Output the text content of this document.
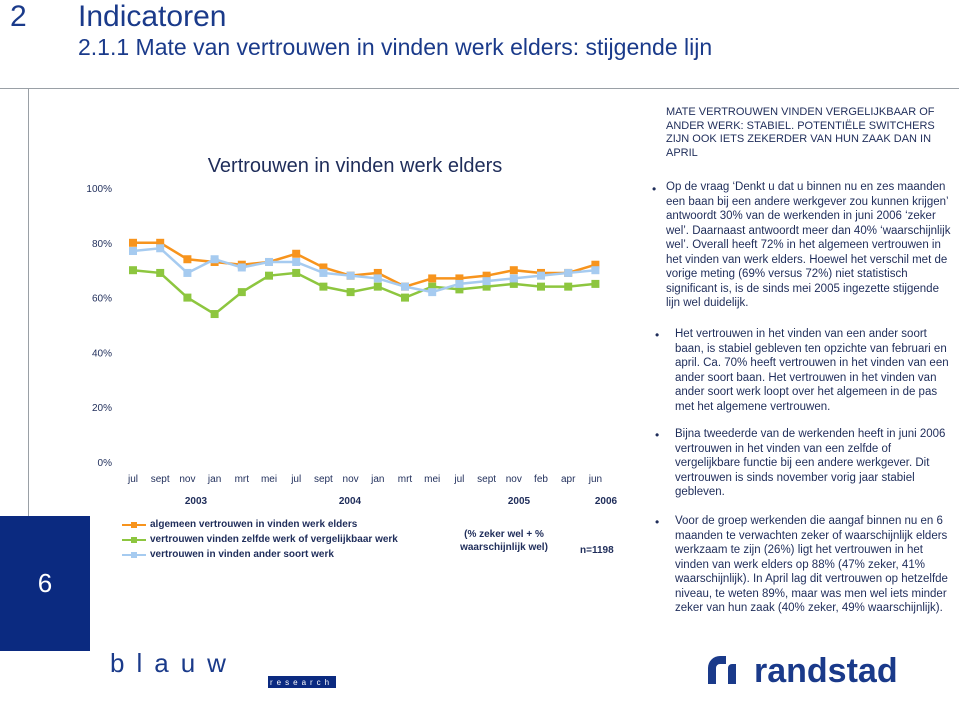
2 Indicatoren
2.1.1 Mate van vertrouwen in vinden werk elders: stijgende lijn
6
Vertrouwen in vinden werk elders
0%
20%
40%
60%
80%
100%
jul sept nov jan mrt mei jul sept nov jan mrt mei jul sept nov feb apr jun
2003	2004	2005	2006
(% zeker wel + % waarschijnlijk wel)	n=1198
MATE VERTROUWEN VINDEN VERGELIJKBAAR OF ANDER WERK: STABIEL. POTENTIËLE SWITCHERS ZIJN OOK IETS ZEKERDER VAN HUN ZAAK DAN IN APRIL
• Op de vraag ‘Denkt u dat u binnen nu en zes maanden een baan bij een andere werkgever zou kunnen krijgen’ antwoordt 30% van de werkenden in juni 2006 ‘zeker wel’. Daarnaast antwoordt meer dan 40% ‘waarschijnlijk wel’. Overall heeft 72% in het algemeen vertrouwen in het vinden van werk elders. Hoewel het verschil met de vorige meting (69% versus 72%) niet statistisch significant is, is de sinds mei 2005 ingezette stijgende lijn wel duidelijk.
• Het vertrouwen in het vinden van een ander soort baan, is stabiel gebleven ten opzichte van februari en april. Ca. 70% heeft vertrouwen in het vinden van een ander soort baan. Het vertrouwen in het vinden van ander soort werk loopt over het algemeen in de pas met het algemene vertrouwen.
• Bijna tweederde van de werkenden heeft in juni 2006 vertrouwen in het vinden van een zelfde of vergelijkbare functie bij een andere werkgever. Dit vertrouwen is sinds november vorig jaar stabiel gebleven.
• Voor de groep werkenden die aangaf binnen nu en 6 maanden te verwachten zeker of waarschijnlijk elders werkzaam te zijn (26%) ligt het vertrouwen in het vinden van werk elders op 88% (47% zeker, 41% waarschijnlijk). In April lag dit vertrouwen op hetzelfde niveau, te weten 89%, maar was men wel iets minder zeker van hun zaak (40% zeker, 49% waarschijnlijk).
blauw
research	randstad
algemeen vertrouwen in vinden werk elders
vertrouwen vinden zelfde werk of vergelijkbaar werk
vertrouwen in vinden ander soort werk
